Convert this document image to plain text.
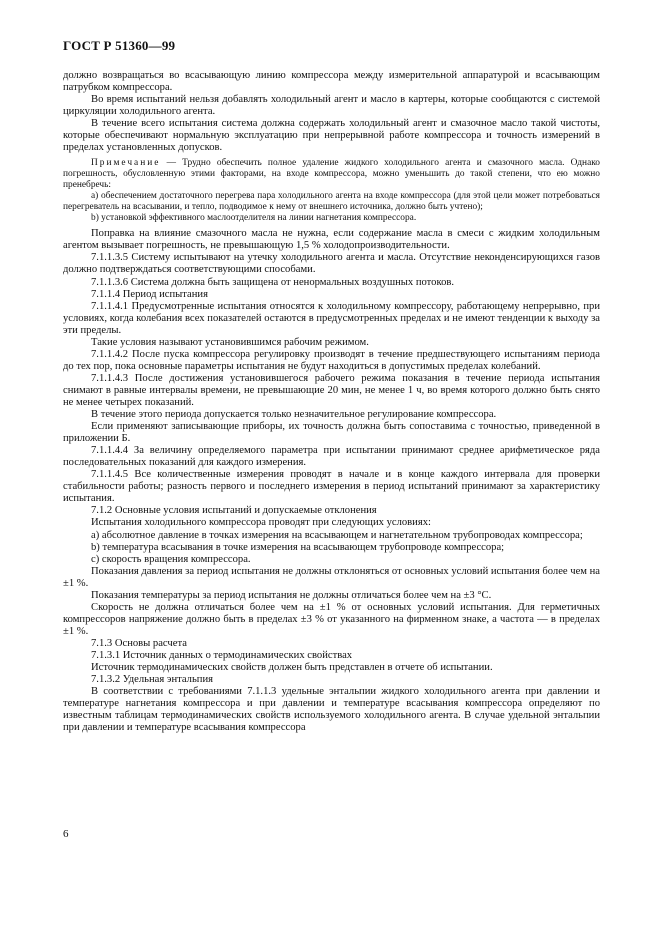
ГОСТ Р 51360—99

должно возвращаться во всасывающую линию компрессора между измерительной аппаратурой и всасывающим патрубком компрессора.

Во время испытаний нельзя добавлять холодильный агент и масло в картеры, которые сообщаются с системой циркуляции холодильного агента.

В течение всего испытания система должна содержать холодильный агент и смазочное масло такой чистоты, которые обеспечивают нормальную эксплуатацию при непрерывной работе компрессора и точность измерений в пределах установленных допусков.

Примечание — Трудно обеспечить полное удаление жидкого холодильного агента и смазочного масла. Однако погрешность, обусловленную этими факторами, на входе компрессора, можно уменьшить до такой степени, что ею можно пренебречь:

а) обеспечением достаточного перегрева пара холодильного агента на входе компрессора (для этой цели может потребоваться перегреватель на всасывании, и тепло, подводимое к нему от внешнего источника, должно быть учтено);

b) установкой эффективного маслоотделителя на линии нагнетания компрессора.

Поправка на влияние смазочного масла не нужна, если содержание масла в смеси с жидким холодильным агентом вызывает погрешность, не превышающую 1,5 % холодопроизводительности.

7.1.1.3.5 Систему испытывают на утечку холодильного агента и масла. Отсутствие неконденсирующихся газов должно подтверждаться соответствующими способами.

7.1.1.3.6 Система должна быть защищена от ненормальных воздушных потоков.

7.1.1.4 Период испытания

7.1.1.4.1 Предусмотренные испытания относятся к холодильному компрессору, работающему непрерывно, при условиях, когда колебания всех показателей остаются в предусмотренных пределах и не имеют тенденции к выходу за эти пределы.

Такие условия называют установившимся рабочим режимом.

7.1.1.4.2 После пуска компрессора регулировку производят в течение предшествующего испытаниям периода до тех пор, пока основные параметры испытания не будут находиться в допустимых пределах колебаний.

7.1.1.4.3 После достижения установившегося рабочего режима показания в течение периода испытания снимают в равные интервалы времени, не превышающие 20 мин, не менее 1 ч, во время которого должно быть снято не менее четырех показаний.

В течение этого периода допускается только незначительное регулирование компрессора.

Если применяют записывающие приборы, их точность должна быть сопоставима с точностью, приведенной в приложении Б.

7.1.1.4.4 За величину определяемого параметра при испытании принимают среднее арифметическое ряда последовательных показаний для каждого измерения.

7.1.1.4.5 Все количественные измерения проводят в начале и в конце каждого интервала для проверки стабильности работы; разность первого и последнего измерения в период испытаний принимают за характеристику испытания.

7.1.2 Основные условия испытаний и допускаемые отклонения

Испытания холодильного компрессора проводят при следующих условиях:

а) абсолютное давление в точках измерения на всасывающем и нагнетательном трубопроводах компрессора;

b) температура всасывания в точке измерения на всасывающем трубопроводе компрессора;

с) скорость вращения компрессора.

Показания давления за период испытания не должны отклоняться от основных условий испытания более чем на ±1 %.

Показания температуры за период испытания не должны отличаться более чем на ±3 °С.

Скорость не должна отличаться более чем на ±1 % от основных условий испытания. Для герметичных компрессоров напряжение должно быть в пределах ±3 % от указанного на фирменном знаке, а частота — в пределах ±1 %.

7.1.3 Основы расчета

7.1.3.1 Источник данных о термодинамических свойствах

Источник термодинамических свойств должен быть представлен в отчете об испытании.

7.1.3.2 Удельная энтальпия

В соответствии с требованиями 7.1.1.3 удельные энтальпии жидкого холодильного агента при давлении и температуре нагнетания компрессора и при давлении и температуре всасывания компрессора определяют по известным таблицам термодинамических свойств используемого холодильного агента. В случае удельной энтальпии при давлении и температуре всасывания компрессора

6
